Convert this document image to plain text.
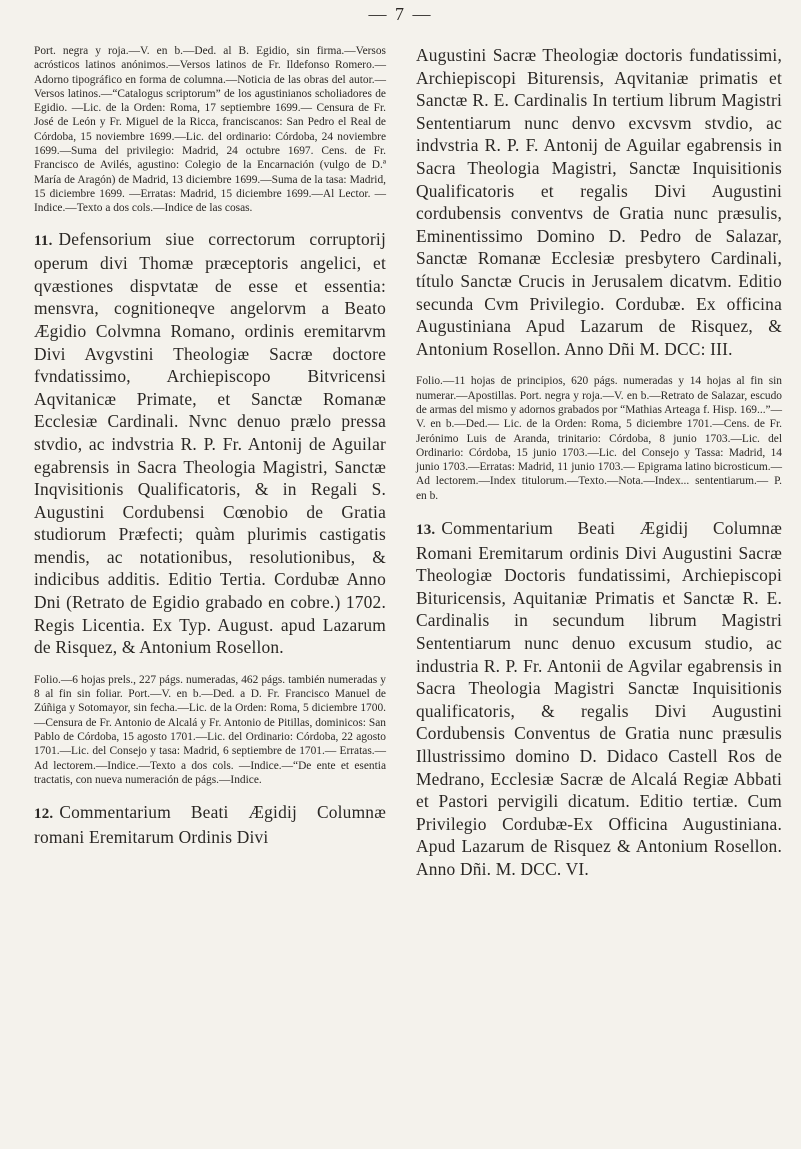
— 7 —

Port. negra y roja.—V. en b.—Ded. al B. Egidio, sin firma.—Versos acrósticos latinos anónimos.—Versos latinos de Fr. Ildefonso Romero.—Adorno tipográfico en forma de columna.—Noticia de las obras del autor.—Versos latinos.—“Catalogus scriptorum” de los agustinianos scholiadores de Egidio. —Lic. de la Orden: Roma, 17 septiembre 1699.— Censura de Fr. José de León y Fr. Miguel de la Ricca, franciscanos: San Pedro el Real de Córdoba, 15 noviembre 1699.—Lic. del ordinario: Córdoba, 24 noviembre 1699.—Suma del privilegio: Madrid, 24 octubre 1697. Cens. de Fr. Francisco de Avilés, agustino: Colegio de la Encarnación (vulgo de D.ª María de Aragón) de Madrid, 13 diciembre 1699.—Suma de la tasa: Madrid, 15 diciembre 1699. —Erratas: Madrid, 15 diciembre 1699.—Al Lector. —Indice.—Texto a dos cols.—Indice de las cosas.

11. Defensorium siue correctorum corruptorij operum divi Thomæ præceptoris angelici, et qvæstiones dispvtatæ de esse et essentia: mensvra, cognitioneqve angelorvm a Beato Ægidio Colvmna Romano, ordinis eremitarvm Divi Avgvstini Theologiæ Sacræ doctore fvndatissimo, Archiepiscopo Bitvricensi Aqvitanicæ Primate, et Sanctæ Romanæ Ecclesiæ Cardinali. Nvnc denuo prælo pressa stvdio, ac indvstria R. P. Fr. Antonij de Aguilar egabrensis in Sacra Theologia Magistri, Sanctæ Inqvisitionis Qualificatoris, & in Regali S. Augustini Cordubensi Cœnobio de Gratia studiorum Præfecti; quàm plurimis castigatis mendis, ac notationibus, resolutionibus, & indicibus additis. Editio Tertia. Cordubæ Anno Dni (Retrato de Egidio grabado en cobre.) 1702. Regis Licentia. Ex Typ. August. apud Lazarum de Risquez, & Antonium Rosellon.

Folio.—6 hojas prels., 227 págs. numeradas, 462 págs. también numeradas y 8 al fin sin foliar. Port.—V. en b.—Ded. a D. Fr. Francisco Manuel de Zúñiga y Sotomayor, sin fecha.—Lic. de la Orden: Roma, 5 diciembre 1700.—Censura de Fr. Antonio de Alcalá y Fr. Antonio de Pitillas, dominicos: San Pablo de Córdoba, 15 agosto 1701.—Lic. del Ordinario: Córdoba, 22 agosto 1701.—Lic. del Consejo y tasa: Madrid, 6 septiembre de 1701.— Erratas.—Ad lectorem.—Indice.—Texto a dos cols. —Indice.—“De ente et esentia tractatis, con nueva numeración de págs.—Indice.

12. Commentarium Beati Ægidij Columnæ romani Eremitarum Ordinis Divi

Augustini Sacræ Theologiæ doctoris fundatissimi, Archiepiscopi Biturensis, Aqvitaniæ primatis et Sanctæ R. E. Cardinalis In tertium librum Magistri Sententiarum nunc denvo excvsvm stvdio, ac indvstria R. P. F. Antonij de Aguilar egabrensis in Sacra Theologia Magistri, Sanctæ Inquisitionis Qualificatoris et regalis Divi Augustini cordubensis conventvs de Gratia nunc præsulis, Eminentissimo Domino D. Pedro de Salazar, Sanctæ Romanæ Ecclesiæ presbytero Cardinali, título Sanctæ Crucis in Jerusalem dicatvm. Editio secunda Cvm Privilegio. Cordubæ. Ex officina Augustiniana Apud Lazarum de Risquez, & Antonium Rosellon. Anno Dñi M. DCC: III.

Folio.—11 hojas de principios, 620 págs. numeradas y 14 hojas al fin sin numerar.—Apostillas. Port. negra y roja.—V. en b.—Retrato de Salazar, escudo de armas del mismo y adornos grabados por “Mathias Arteaga f. Hisp. 169...”—V. en b.—Ded.— Lic. de la Orden: Roma, 5 diciembre 1701.—Cens. de Fr. Jerónimo Luis de Aranda, trinitario: Córdoba, 8 junio 1703.—Lic. del Ordinario: Córdoba, 15 junio 1703.—Lic. del Consejo y Tassa: Madrid, 14 junio 1703.—Erratas: Madrid, 11 junio 1703.— Epigrama latino bicrosticum.—Ad lectorem.—Index titulorum.—Texto.—Nota.—Index... sententiarum.— P. en b.

13. Commentarium Beati Ægidij Columnæ Romani Eremitarum ordinis Divi Augustini Sacræ Theologiæ Doctoris fundatissimi, Archiepiscopi Bituricensis, Aquitaniæ Primatis et Sanctæ R. E. Cardinalis in secundum librum Magistri Sententiarum nunc denuo excusum studio, ac industria R. P. Fr. Antonii de Agvilar egabrensis in Sacra Theologia Magistri Sanctæ Inquisitionis qualificatoris, & regalis Divi Augustini Cordubensis Conventus de Gratia nunc præsulis Illustrissimo domino D. Didaco Castell Ros de Medrano, Ecclesiæ Sacræ de Alcalá Regiæ Abbati et Pastori pervigili dicatum. Editio tertiæ. Cum Privilegio Cordubæ-Ex Officina Augustiniana. Apud Lazarum de Risquez & Antonium Rosellon. Anno Dñi. M. DCC. VI.
